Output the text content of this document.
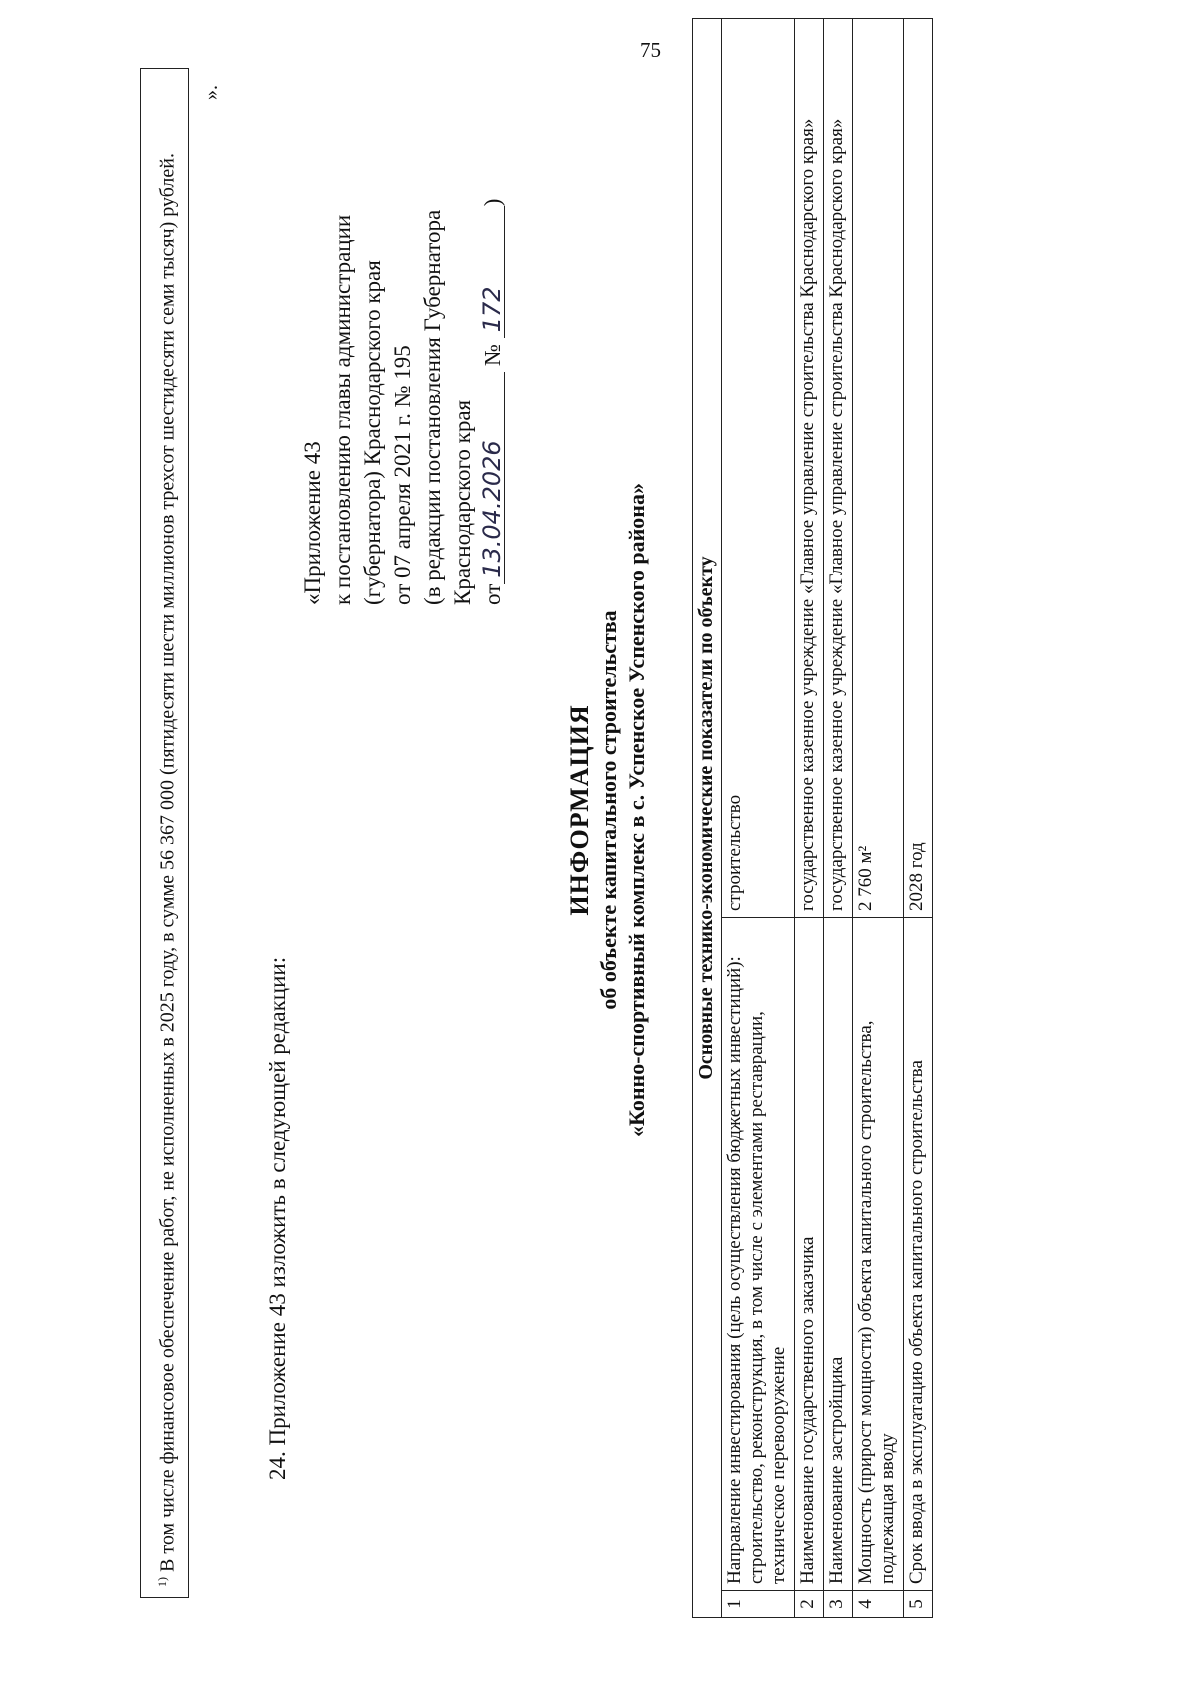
75
$^{1)}$ В том числе финансовое обеспечение работ, не исполненных в 2025 году, в сумме 56 367 000 (пятидесяти шести миллионов трехсот шестидесяти семи тысяч) рублей.
».
24. Приложение 43 изложить в следующей редакции:
«Приложение 43 к постановлению главы администрации (губернатора) Краснодарского края от 07 апреля 2021 г. № 195 (в редакции постановления Губернатора Краснодарского края от13.04.2026 № 172)
ИНФОРМАЦИЯ об объекте капитального строительства «Конно-спортивный комплекс в с. Успенское Успенского района» Основные технико-экономические показатели по объекту		
1	Направление инвестирования (цель осуществления бюджетных инвестиций): строительство, реконструкция, в том числе с элементами реставрации, техническое перевооружение	строительство
2	Наименование государственного заказчика	государственное казенное учреждение «Главное управление строительства Краснодарского края»
3	Наименование застройщика	государственное казенное учреждение «Главное управление строительства Краснодарского края»
4	Мощность (прирост мощности) объекта капитального строительства, подлежащая вводу	2 760 м²
5	Срок ввода в эксплуатацию объекта капитального строительства	2028 год
